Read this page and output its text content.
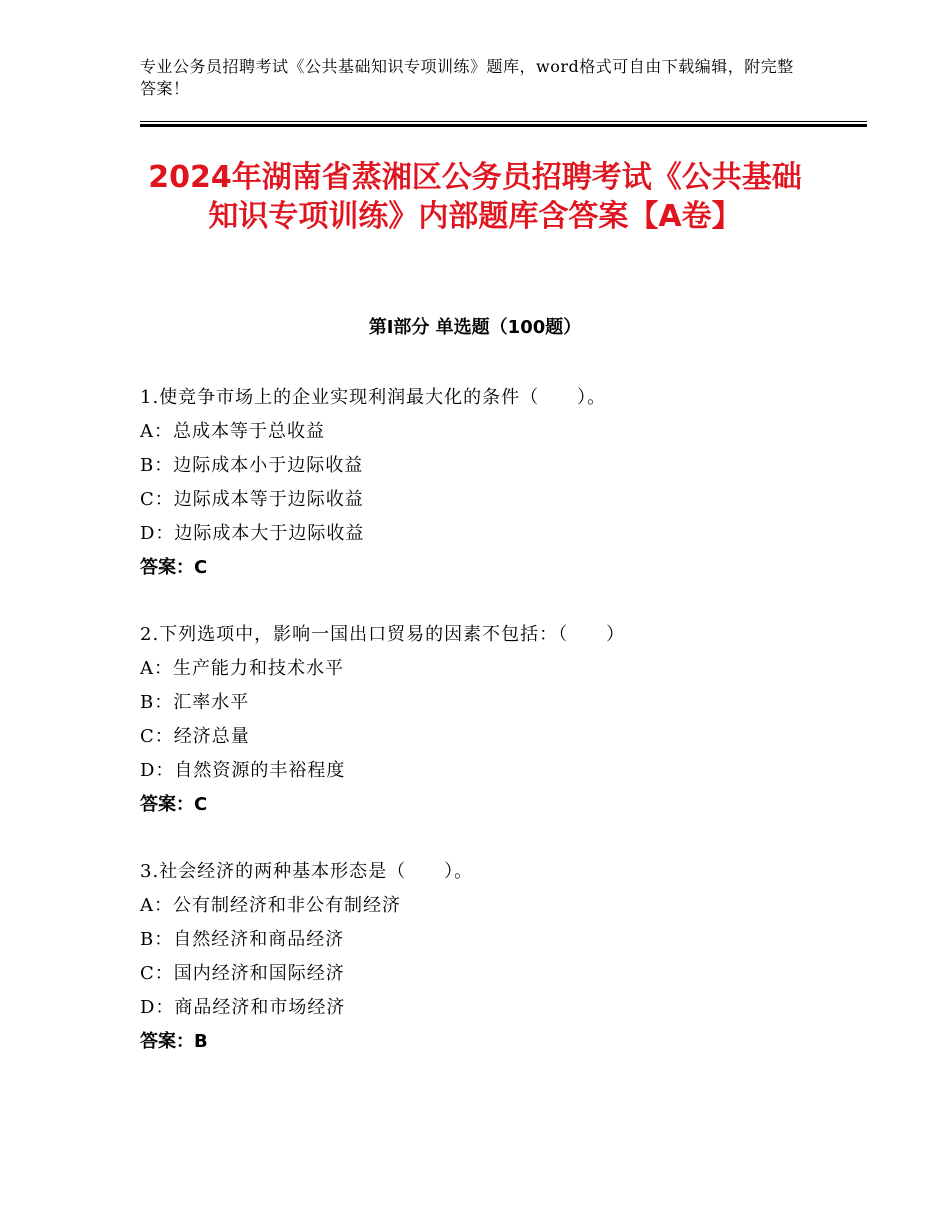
专业公务员招聘考试《公共基础知识专项训练》题库，word格式可自由下载编辑，附完整答案！
2024年湖南省蒸湘区公务员招聘考试《公共基础知识专项训练》内部题库含答案【A卷】
第Ⅰ部分 单选题（100题）
1.使竞争市场上的企业实现利润最大化的条件（　　）。
A：总成本等于总收益
B：边际成本小于边际收益
C：边际成本等于边际收益
D：边际成本大于边际收益
答案：C
2.下列选项中，影响一国出口贸易的因素不包括：（　　）
A：生产能力和技术水平
B：汇率水平
C：经济总量
D：自然资源的丰裕程度
答案：C
3.社会经济的两种基本形态是（　　）。
A：公有制经济和非公有制经济
B：自然经济和商品经济
C：国内经济和国际经济
D：商品经济和市场经济
答案：B
